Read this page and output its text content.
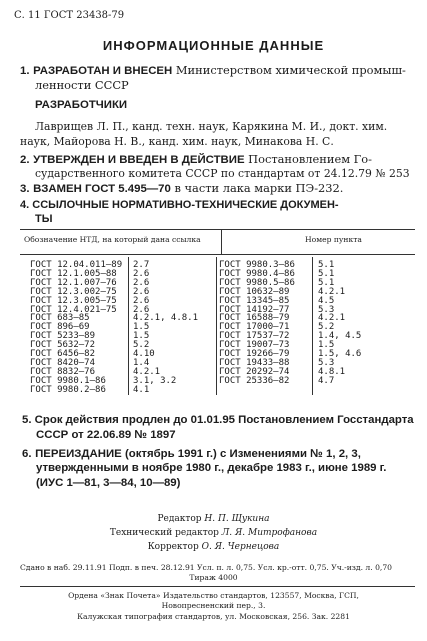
С. 11 ГОСТ 23438-79
ИНФОРМАЦИОННЫЕ ДАННЫЕ
1. РАЗРАБОТАН И ВНЕСЕН Министерством химической промыш-
ленности СССР
РАЗРАБОТЧИКИ
Лаврищев Л. П., канд. техн. наук, Карякина М. И., докт. хим.
наук, Майорова Н. В., канд. хим. наук, Минакова Н. С.
2. УТВЕРЖДЕН И ВВЕДЕН В ДЕЙСТВИЕ Постановлением Го-
сударственного комитета СССР по стандартам от 24.12.79 № 253
3. ВЗАМЕН ГОСТ 5.495—70 в части лака марки ПЭ-232.
4. ССЫЛОЧНЫЕ НОРМАТИВНО-ТЕХНИЧЕСКИЕ ДОКУМЕН-
ТЫ
Обозначение НТД, на который дана ссылка	Номер пункта
ГОСТ 12.04.011—89
ГОСТ 12.1.005—88
ГОСТ 12.1.007—76
ГОСТ 12.3.002—75
ГОСТ 12.3.005—75
ГОСТ 12.4.021—75
ГОСТ 683—85
ГОСТ 896—69
ГОСТ 5233—89
ГОСТ 5632—72
ГОСТ 6456—82
ГОСТ 8420—74
ГОСТ 8832—76
ГОСТ 9980.1—86
ГОСТ 9980.2—86
2.7
2.6
2.6
2.6
2.6
2.6
4.2.1, 4.8.1
1.5
1.5
5.2
4.10
1.4
4.2.1
3.1, 3.2
4.1
ГОСТ 9980.3—86
ГОСТ 9980.4—86
ГОСТ 9980.5—86
ГОСТ 10632—89
ГОСТ 13345—85
ГОСТ 14192—77
ГОСТ 16588—79
ГОСТ 17000—71
ГОСТ 17537—72
ГОСТ 19007—73
ГОСТ 19266—79
ГОСТ 19433—88
ГОСТ 20292—74
ГОСТ 25336—82
5.1
5.1
5.1
4.2.1
4.5
5.3
4.2.1
5.2
1.4, 4.5
1.5
1.5, 4.6
5.3
4.8.1
4.7
5. Срок действия продлен до 01.01.95 Постановлением Госстандарта
СССР от 22.06.89 № 1897
6. ПЕРЕИЗДАНИЕ (октябрь 1991 г.) с Изменениями № 1, 2, 3,
утвержденными в ноябре 1980 г., декабре 1983 г., июне 1989 г.
(ИУС 1—81, 3—84, 10—89)
Редактор Н. П. Щукина
Технический редактор Л. Я. Митрофанова
Корректор О. Я. Чернецова
Сдано в наб. 29.11.91 Подп. в печ. 28.12.91 Усл. п. л. 0,75. Усл. кр.-отт. 0,75. Уч.-изд. л. 0,70
Тираж 4000
Ордена «Знак Почета» Издательство стандартов, 123557, Москва, ГСП,
Новопресненский пер., 3.
Калужская типография стандартов, ул. Московская, 256. Зак. 2281
